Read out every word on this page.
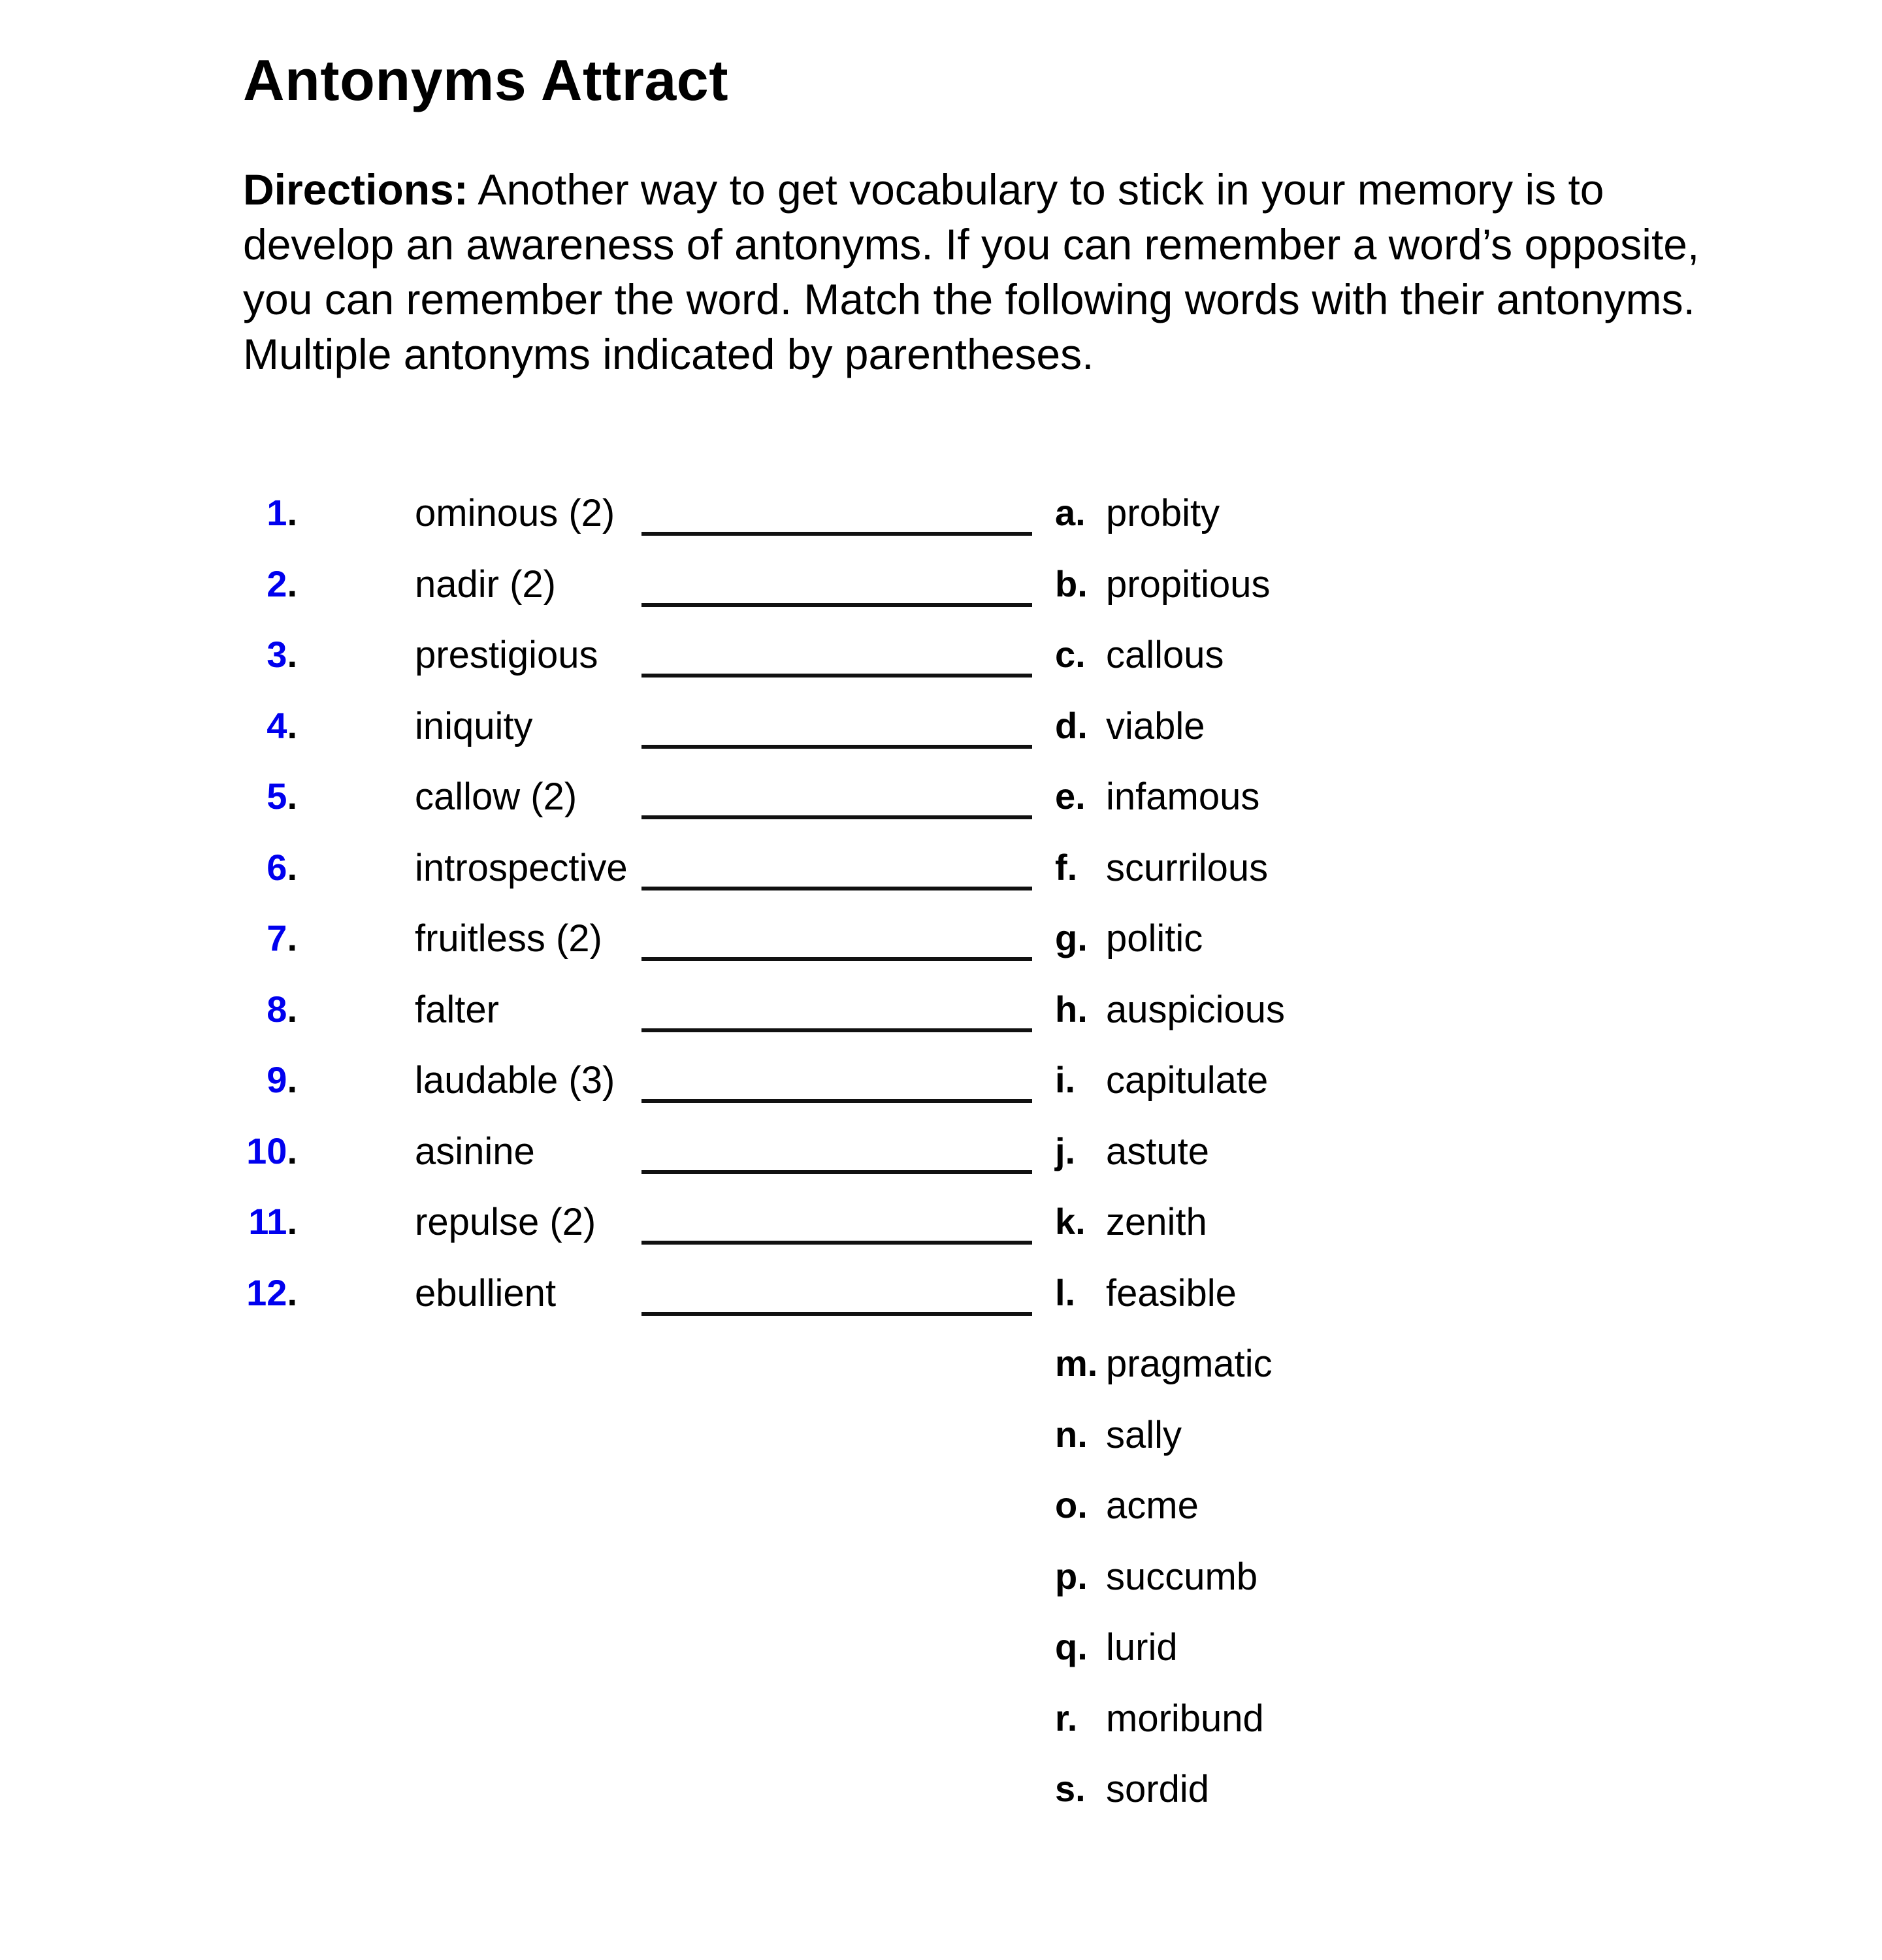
Antonyms Attract

Directions: Another way to get vocabulary to stick in your memory is to develop an awareness of antonyms. If you can remember a word’s opposite, you can remember the word. Match the following words with their antonyms. Multiple antonyms indicated by parentheses.

1.	ominous (2)
2.	nadir (2)
3.	prestigious
4.	iniquity
5.	callow (2)
6.	introspective
7.	fruitless (2)
8.	falter
9.	laudable (3)
10.	asinine
11.	repulse (2)
12.	ebullient
a. probity
b. propitious
c. callous
d. viable
e. infamous
f. scurrilous
g. politic
h. auspicious
i. capitulate
j. astute
k. zenith
l. feasible
m. pragmatic
n. sally
o. acme
p. succumb
q. lurid
r. moribund
s. sordid
